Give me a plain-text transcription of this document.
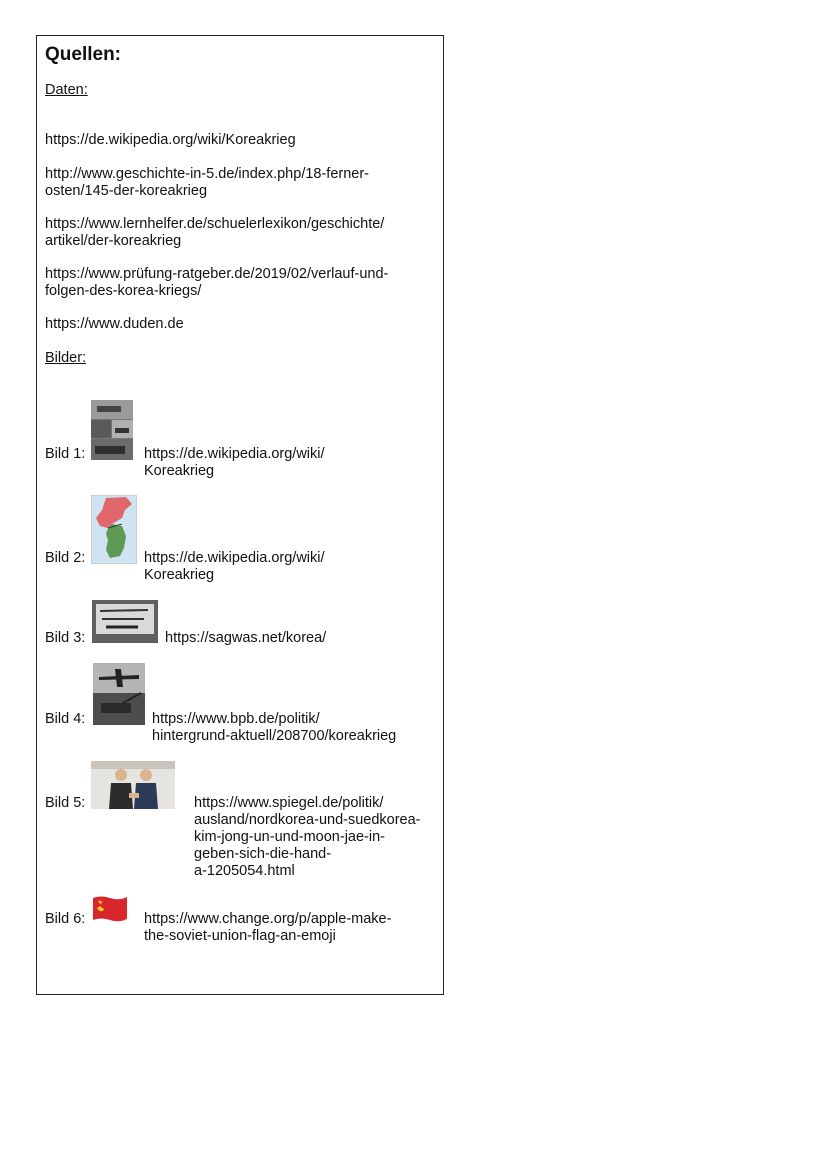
Quellen:
Daten:
https://de.wikipedia.org/wiki/Koreakrieg
http://www.geschichte-in-5.de/index.php/18-ferner-
osten/145-der-koreakrieg
https://www.lernhelfer.de/schuelerlexikon/geschichte/
artikel/der-koreakrieg
https://www.prüfung-ratgeber.de/2019/02/verlauf-und-
folgen-des-korea-kriegs/
https://www.duden.de
Bilder:
Bild 1:	https://de.wikipedia.org/wiki/
Koreakrieg
Bild 2:	https://de.wikipedia.org/wiki/
Koreakrieg
Bild 3:	https://sagwas.net/korea/
Bild 4:	https://www.bpb.de/politik/
hintergrund-aktuell/208700/koreakrieg
Bild 5:	https://www.spiegel.de/politik/
ausland/nordkorea-und-suedkorea-
kim-jong-un-und-moon-jae-in-
geben-sich-die-hand-
a-1205054.html
Bild 6:	https://www.change.org/p/apple-make-
the-soviet-union-flag-an-emoji
